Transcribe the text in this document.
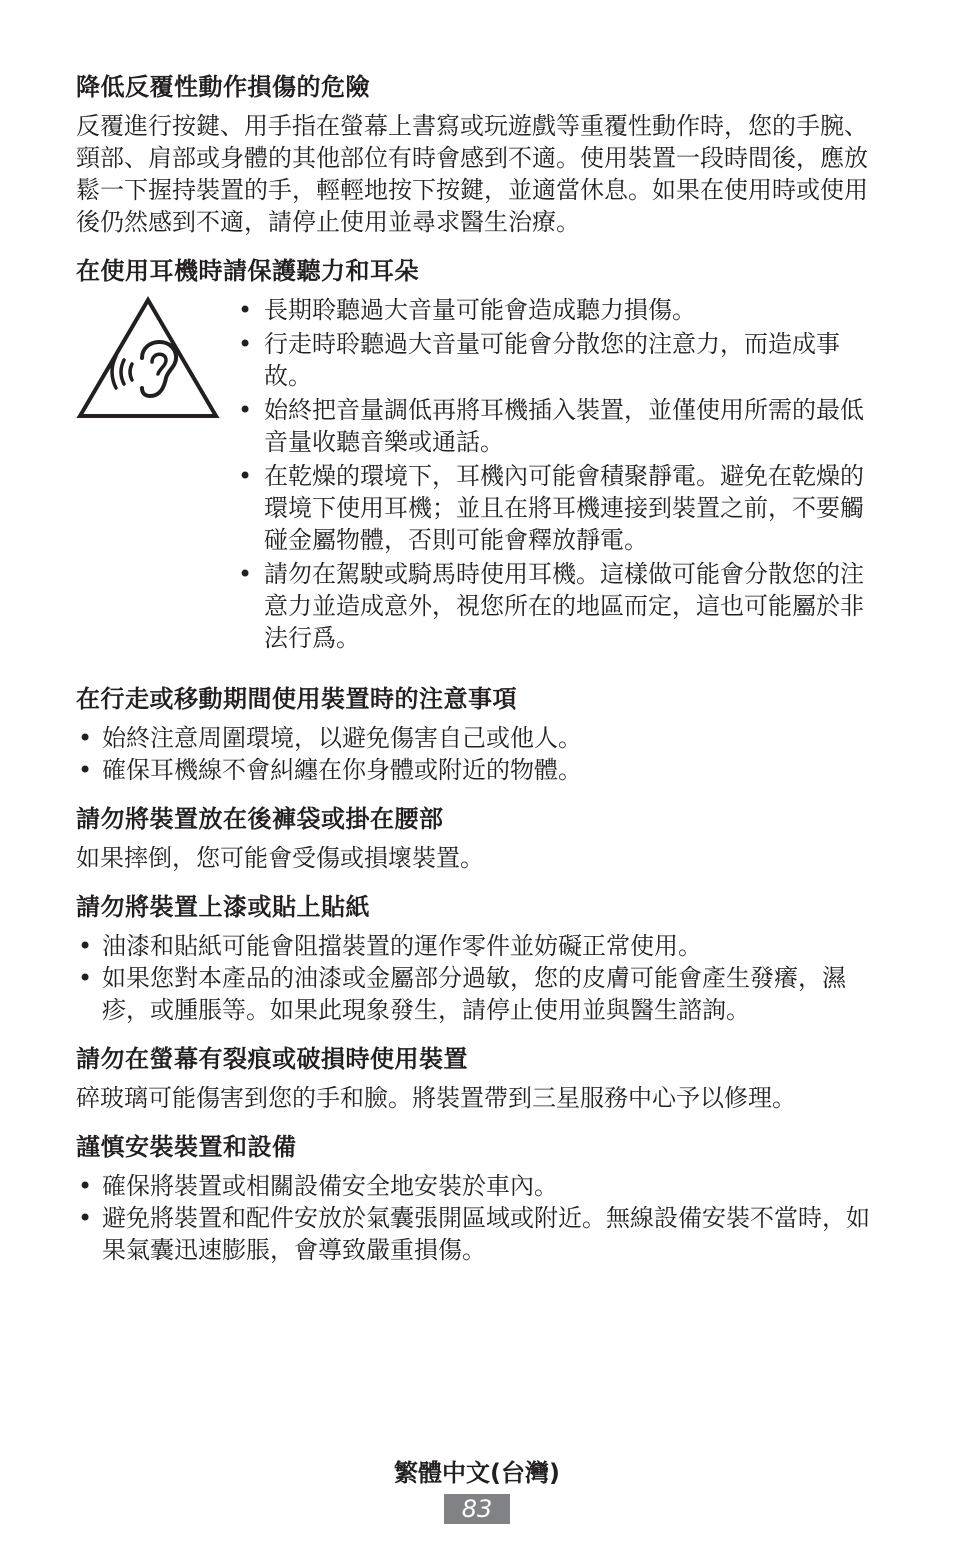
降低反覆性動作損傷的危險

反覆進行按鍵、用手指在螢幕上書寫或玩遊戲等重覆性動作時，您的手腕、頸部、肩部或身體的其他部位有時會感到不適。使用裝置一段時間後，應放鬆一下握持裝置的手，輕輕地按下按鍵，並適當休息。如果在使用時或使用後仍然感到不適，請停止使用並尋求醫生治療。

在使用耳機時請保護聽力和耳朵
• 長期聆聽過大音量可能會造成聽力損傷。
• 行走時聆聽過大音量可能會分散您的注意力，而造成事故。
• 始終把音量調低再將耳機插入裝置，並僅使用所需的最低音量收聽音樂或通話。
• 在乾燥的環境下，耳機內可能會積聚靜電。避免在乾燥的環境下使用耳機；並且在將耳機連接到裝置之前，不要觸碰金屬物體，否則可能會釋放靜電。
• 請勿在駕駛或騎馬時使用耳機。這樣做可能會分散您的注意力並造成意外，視您所在的地區而定，這也可能屬於非法行爲。
在行走或移動期間使用裝置時的注意事項
• 始終注意周圍環境，以避免傷害自己或他人。
• 確保耳機線不會糾纏在你身體或附近的物體。
請勿將裝置放在後褲袋或掛在腰部

如果摔倒，您可能會受傷或損壞裝置。

請勿將裝置上漆或貼上貼紙
• 油漆和貼紙可能會阻擋裝置的運作零件並妨礙正常使用。
• 如果您對本產品的油漆或金屬部分過敏，您的皮膚可能會產生發癢，濕疹，或腫脹等。如果此現象發生，請停止使用並與醫生諮詢。
請勿在螢幕有裂痕或破損時使用裝置

碎玻璃可能傷害到您的手和臉。將裝置帶到三星服務中心予以修理。

謹慎安裝裝置和設備
• 確保將裝置或相關設備安全地安裝於車內。
• 避免將裝置和配件安放於氣囊張開區域或附近。無線設備安裝不當時，如果氣囊迅速膨脹，會導致嚴重損傷。
繁體中文(台灣)
83
